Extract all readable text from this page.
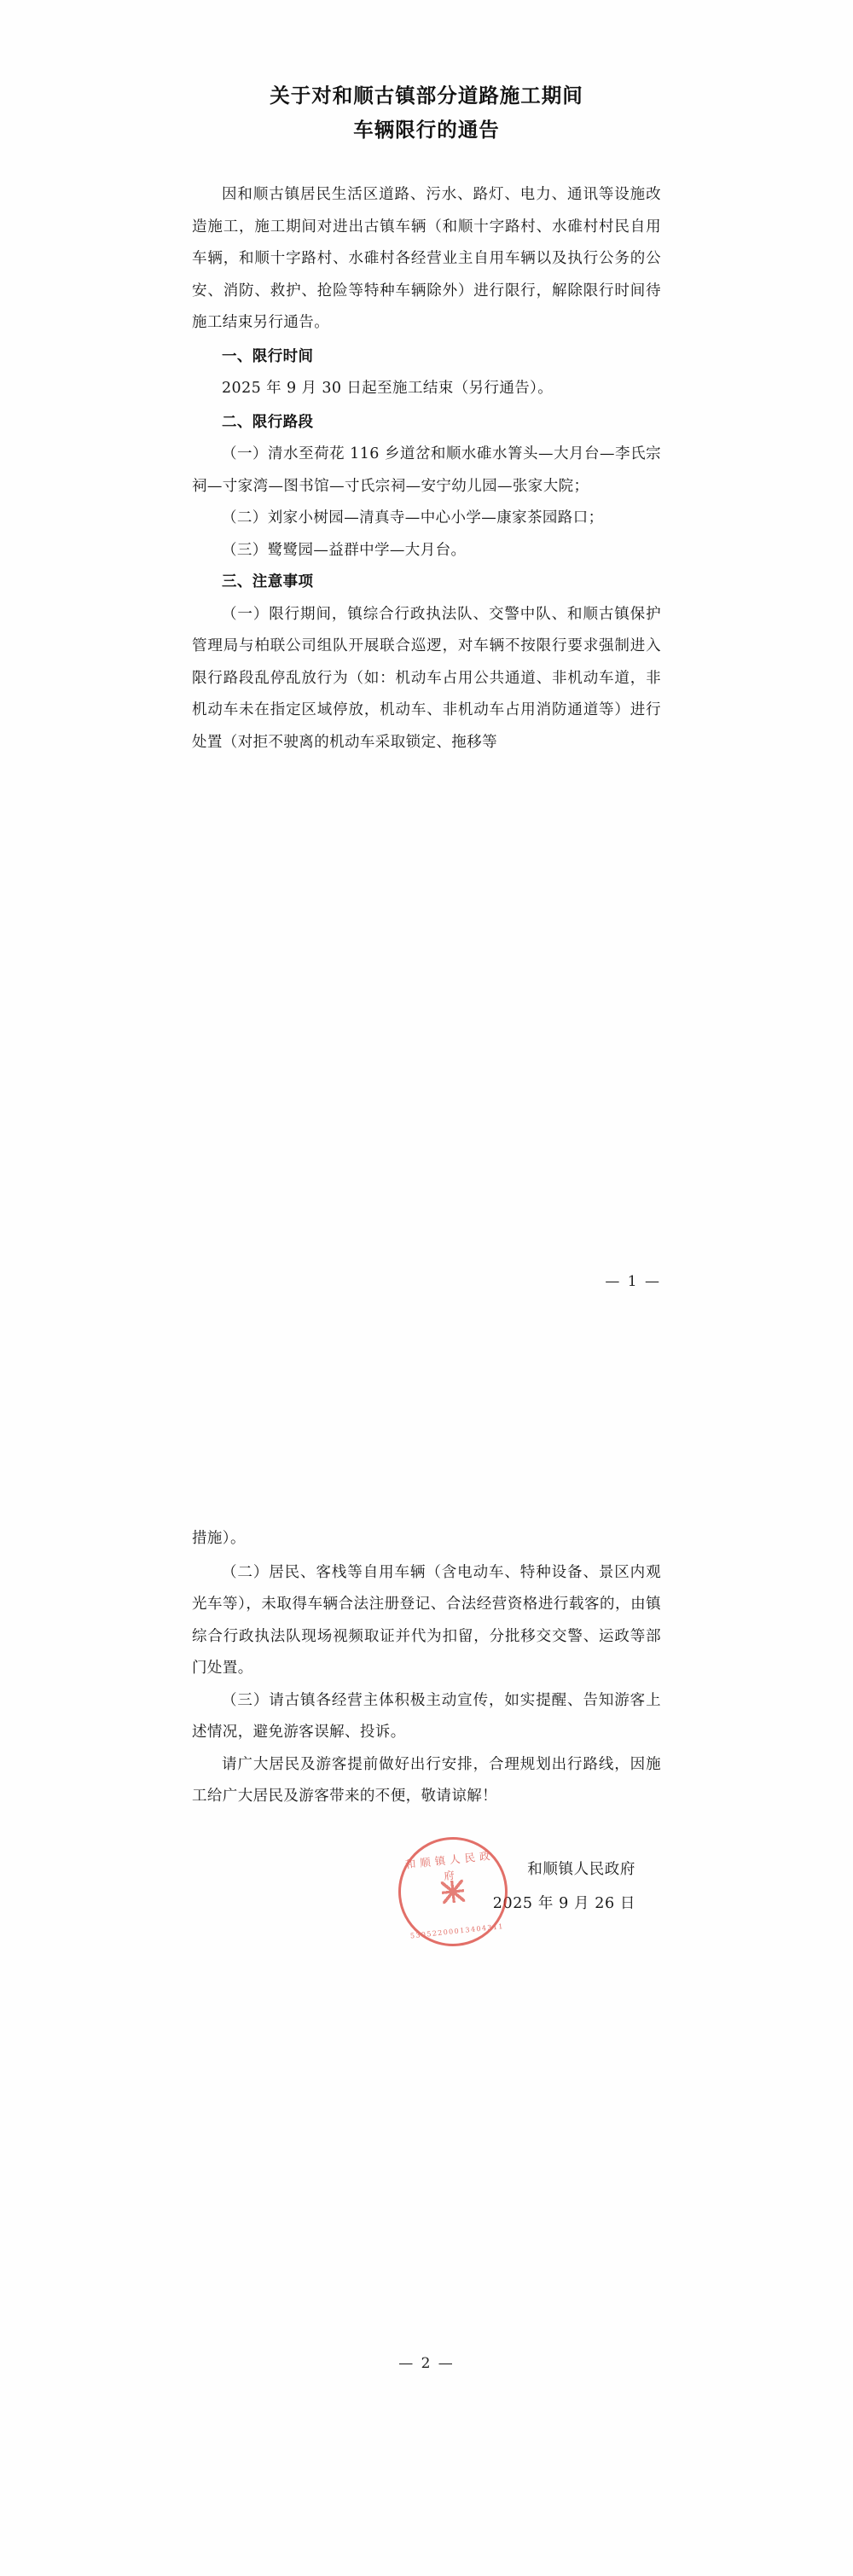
关于对和顺古镇部分道路施工期间
车辆限行的通告

因和顺古镇居民生活区道路、污水、路灯、电力、通讯等设施改造施工，施工期间对进出古镇车辆（和顺十字路村、水碓村村民自用车辆，和顺十字路村、水碓村各经营业主自用车辆以及执行公务的公安、消防、救护、抢险等特种车辆除外）进行限行，解除限行时间待施工结束另行通告。

一、限行时间

2025 年 9 月 30 日起至施工结束（另行通告）。

二、限行路段

（一）清水至荷花 116 乡道岔和顺水碓水箐头—大月台—李氏宗祠—寸家湾—图书馆—寸氏宗祠—安宁幼儿园—张家大院；

（二）刘家小树园—清真寺—中心小学—康家茶园路口；

（三）鹭鹭园—益群中学—大月台。

三、注意事项

（一）限行期间，镇综合行政执法队、交警中队、和顺古镇保护管理局与柏联公司组队开展联合巡逻，对车辆不按限行要求强制进入限行路段乱停乱放行为（如：机动车占用公共通道、非机动车道，非机动车未在指定区域停放，机动车、非机动车占用消防通道等）进行处置（对拒不驶离的机动车采取锁定、拖移等

— 1 —

措施）。

（二）居民、客栈等自用车辆（含电动车、特种设备、景区内观光车等），未取得车辆合法注册登记、合法经营资格进行载客的，由镇综合行政执法队现场视频取证并代为扣留，分批移交交警、运政等部门处置。

（三）请古镇各经营主体积极主动宣传，如实提醒、告知游客上述情况，避免游客误解、投诉。

请广大居民及游客提前做好出行安排，合理规划出行路线，因施工给广大居民及游客带来的不便，敬请谅解！

和顺镇人民政府
53052200013404311
和顺镇人民政府
2025 年 9 月 26 日
— 2 —
